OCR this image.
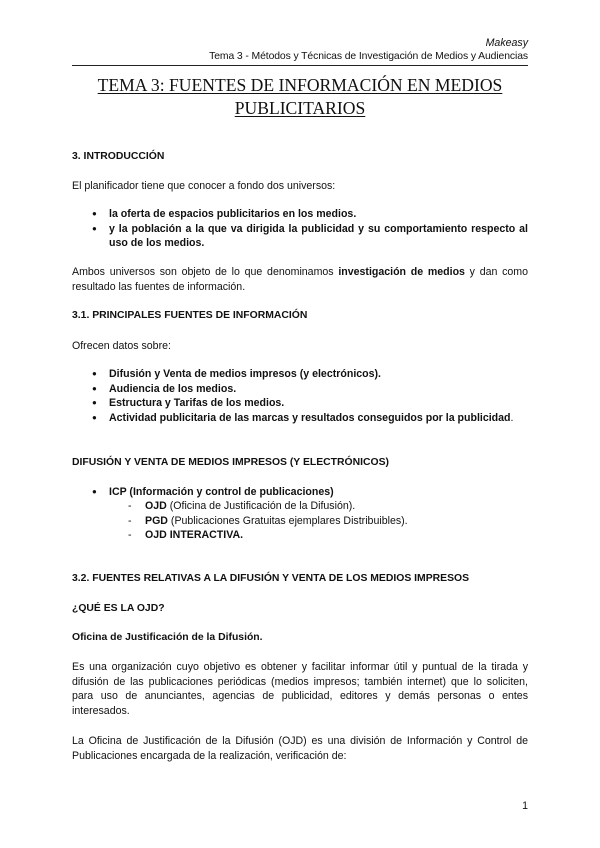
Makeasy
Tema 3 - Métodos y Técnicas de Investigación de Medios y Audiencias
TEMA 3: FUENTES DE INFORMACIÓN EN MEDIOS PUBLICITARIOS
3. INTRODUCCIÓN
El planificador tiene que conocer a fondo dos universos:
● la oferta de espacios publicitarios en los medios.
● y la población a la que va dirigida la publicidad y su comportamiento respecto al uso de los medios.
Ambos universos son objeto de lo que denominamos investigación de medios y dan como resultado las fuentes de información.
3.1. PRINCIPALES FUENTES DE INFORMACIÓN
Ofrecen datos sobre:
● Difusión y Venta de medios impresos (y electrónicos).
● Audiencia de los medios.
● Estructura y Tarifas de los medios.
● Actividad publicitaria de las marcas y resultados conseguidos por la publicidad.
DIFUSIÓN Y VENTA DE MEDIOS IMPRESOS (Y ELECTRÓNICOS)
● ICP (Información y control de publicaciones)
- OJD (Oficina de Justificación de la Difusión).
- PGD (Publicaciones Gratuitas ejemplares Distribuibles).
- OJD INTERACTIVA.
3.2. FUENTES RELATIVAS A LA DIFUSIÓN Y VENTA DE LOS MEDIOS IMPRESOS
¿QUÉ ES LA OJD?
Oficina de Justificación de la Difusión.
Es una organización cuyo objetivo es obtener y facilitar informar útil y puntual de la tirada y difusión de las publicaciones periódicas (medios impresos; también internet) que lo soliciten, para uso de anunciantes, agencias de publicidad, editores y demás personas o entes interesados.
La Oficina de Justificación de la Difusión (OJD) es una división de Información y Control de Publicaciones encargada de la realización, verificación de:
1
